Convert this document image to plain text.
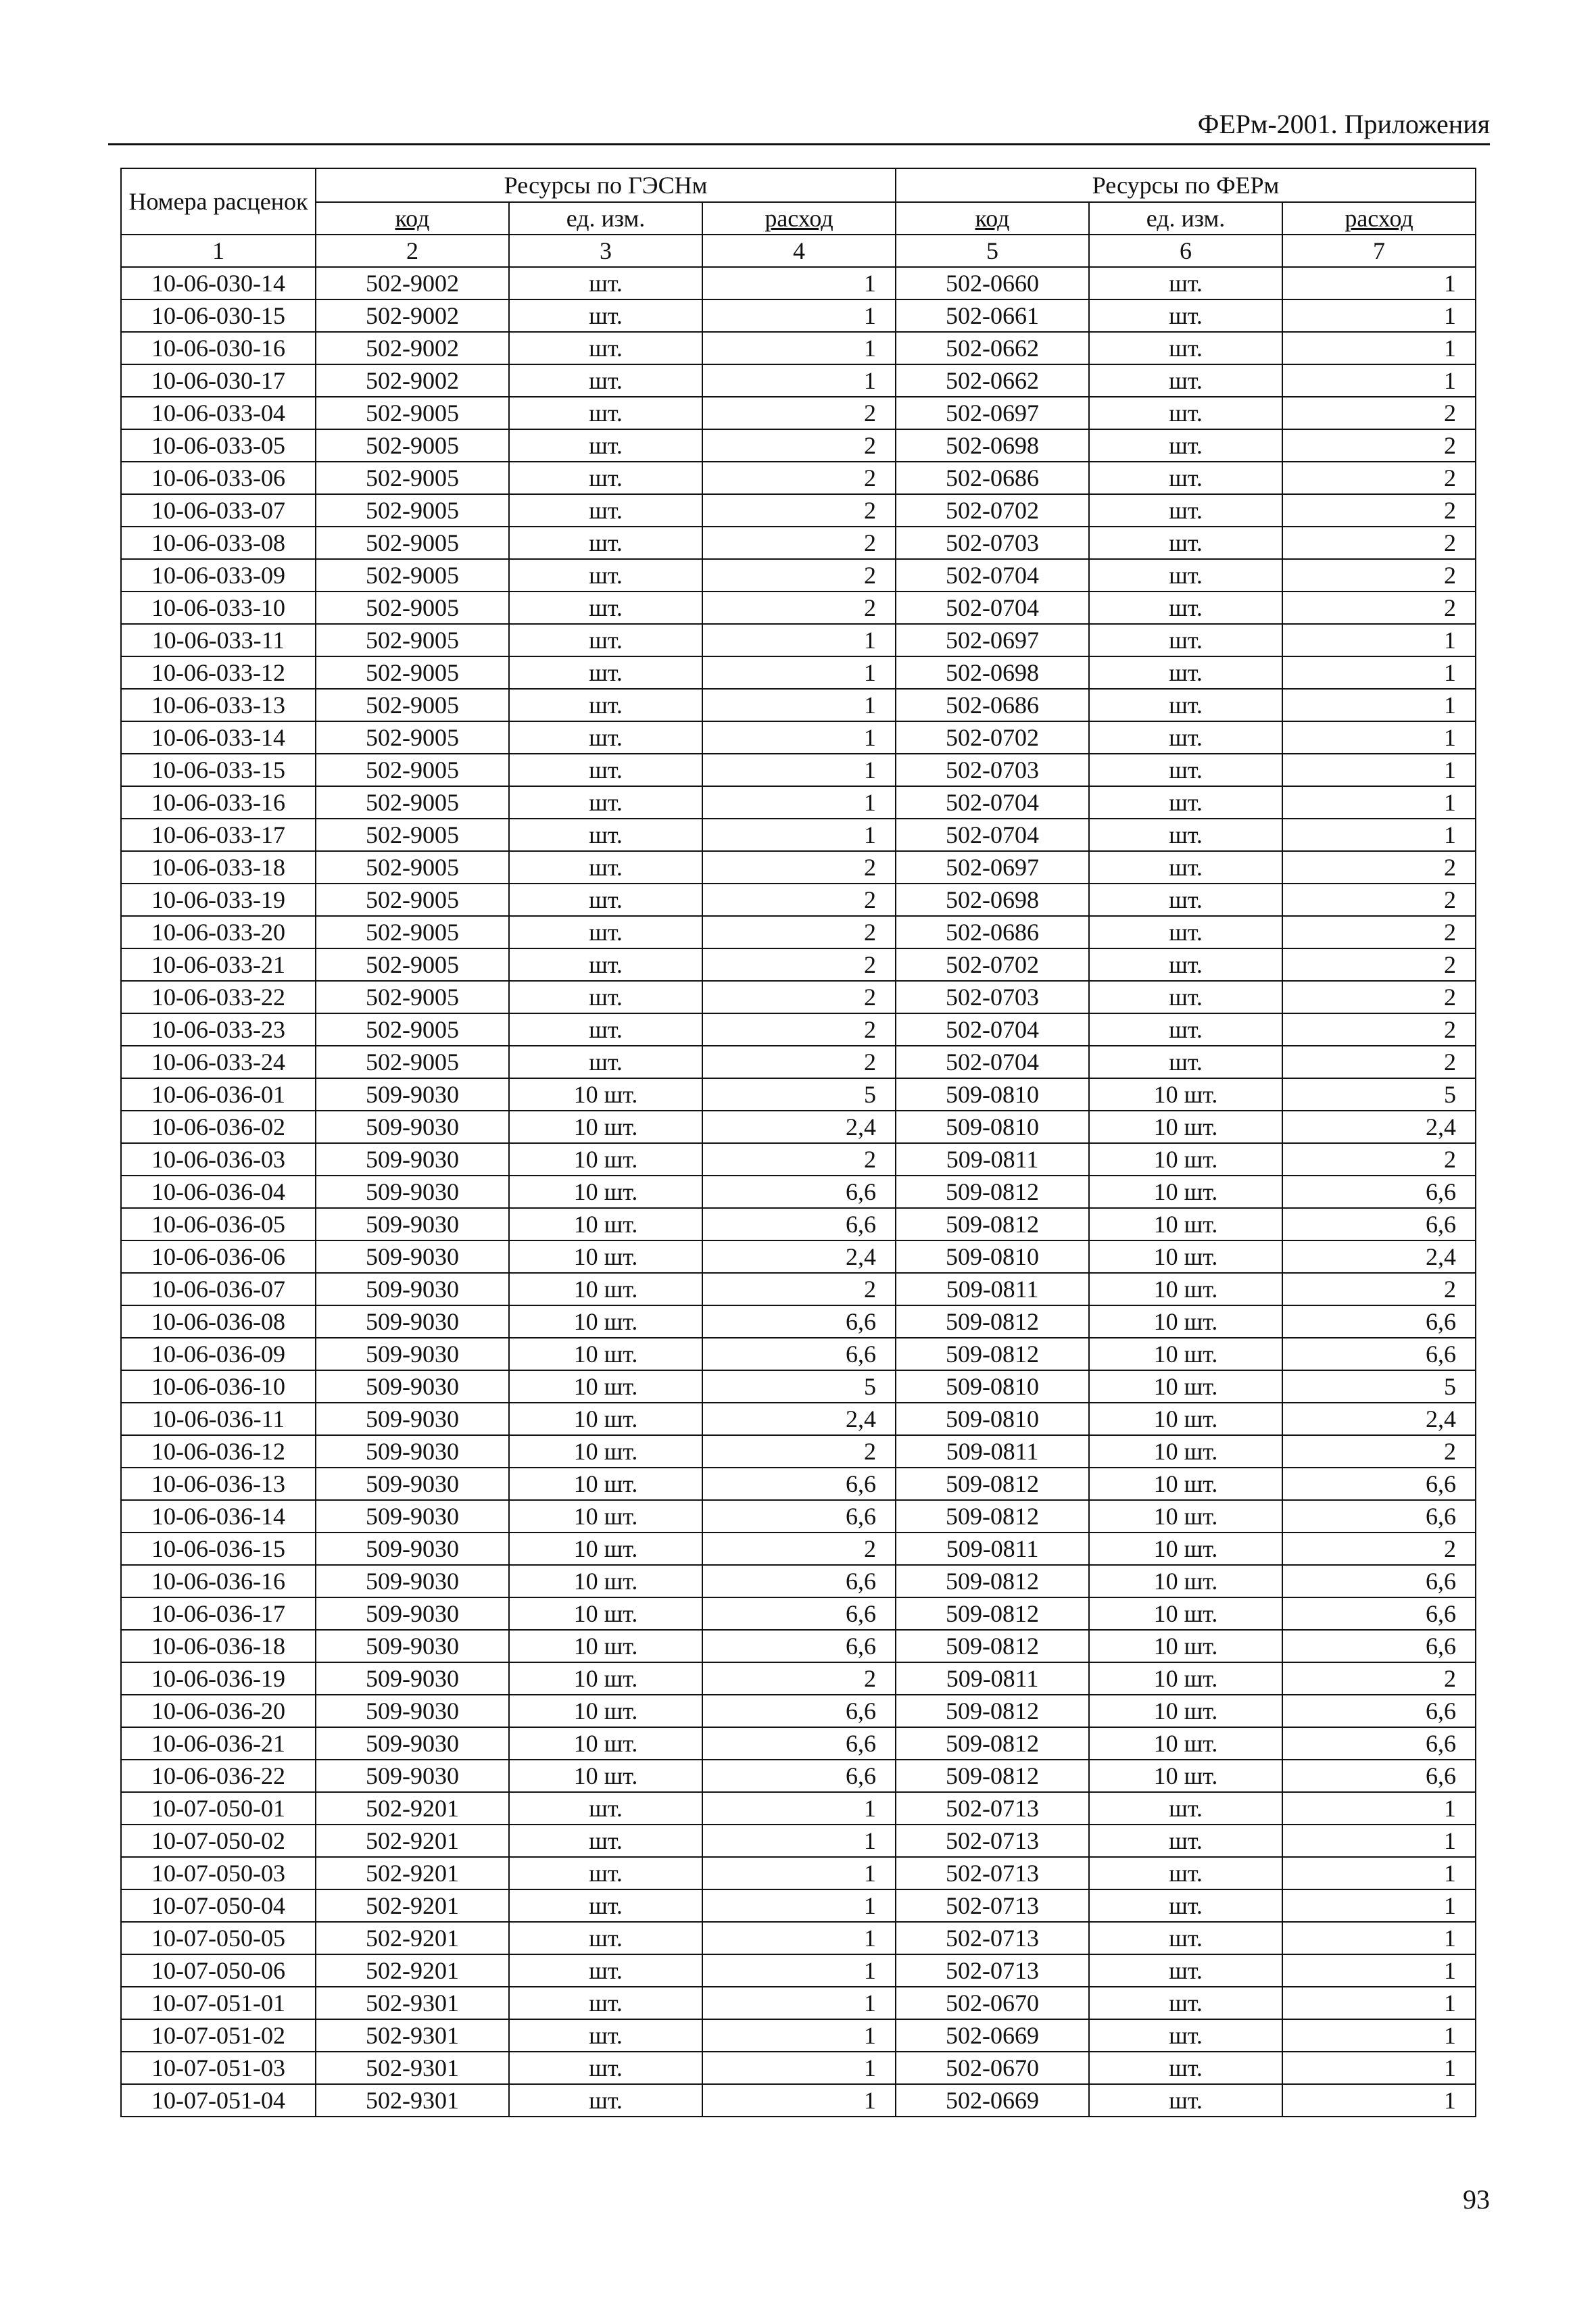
ФЕРм-2001. Приложения
Номера расценок	Ресурсы по ГЭСНм			Ресурсы по ФЕРм		
	код	ед. изм.	расход	код	ед. изм.	расход
1	2	3	4	5	6	7
10-06-030-14	502-9002	шт.	1	502-0660	шт.	1
10-06-030-15	502-9002	шт.	1	502-0661	шт.	1
10-06-030-16	502-9002	шт.	1	502-0662	шт.	1
10-06-030-17	502-9002	шт.	1	502-0662	шт.	1
10-06-033-04	502-9005	шт.	2	502-0697	шт.	2
10-06-033-05	502-9005	шт.	2	502-0698	шт.	2
10-06-033-06	502-9005	шт.	2	502-0686	шт.	2
10-06-033-07	502-9005	шт.	2	502-0702	шт.	2
10-06-033-08	502-9005	шт.	2	502-0703	шт.	2
10-06-033-09	502-9005	шт.	2	502-0704	шт.	2
10-06-033-10	502-9005	шт.	2	502-0704	шт.	2
10-06-033-11	502-9005	шт.	1	502-0697	шт.	1
10-06-033-12	502-9005	шт.	1	502-0698	шт.	1
10-06-033-13	502-9005	шт.	1	502-0686	шт.	1
10-06-033-14	502-9005	шт.	1	502-0702	шт.	1
10-06-033-15	502-9005	шт.	1	502-0703	шт.	1
10-06-033-16	502-9005	шт.	1	502-0704	шт.	1
10-06-033-17	502-9005	шт.	1	502-0704	шт.	1
10-06-033-18	502-9005	шт.	2	502-0697	шт.	2
10-06-033-19	502-9005	шт.	2	502-0698	шт.	2
10-06-033-20	502-9005	шт.	2	502-0686	шт.	2
10-06-033-21	502-9005	шт.	2	502-0702	шт.	2
10-06-033-22	502-9005	шт.	2	502-0703	шт.	2
10-06-033-23	502-9005	шт.	2	502-0704	шт.	2
10-06-033-24	502-9005	шт.	2	502-0704	шт.	2
10-06-036-01	509-9030	10 шт.	5	509-0810	10 шт.	5
10-06-036-02	509-9030	10 шт.	2,4	509-0810	10 шт.	2,4
10-06-036-03	509-9030	10 шт.	2	509-0811	10 шт.	2
10-06-036-04	509-9030	10 шт.	6,6	509-0812	10 шт.	6,6
10-06-036-05	509-9030	10 шт.	6,6	509-0812	10 шт.	6,6
10-06-036-06	509-9030	10 шт.	2,4	509-0810	10 шт.	2,4
10-06-036-07	509-9030	10 шт.	2	509-0811	10 шт.	2
10-06-036-08	509-9030	10 шт.	6,6	509-0812	10 шт.	6,6
10-06-036-09	509-9030	10 шт.	6,6	509-0812	10 шт.	6,6
10-06-036-10	509-9030	10 шт.	5	509-0810	10 шт.	5
10-06-036-11	509-9030	10 шт.	2,4	509-0810	10 шт.	2,4
10-06-036-12	509-9030	10 шт.	2	509-0811	10 шт.	2
10-06-036-13	509-9030	10 шт.	6,6	509-0812	10 шт.	6,6
10-06-036-14	509-9030	10 шт.	6,6	509-0812	10 шт.	6,6
10-06-036-15	509-9030	10 шт.	2	509-0811	10 шт.	2
10-06-036-16	509-9030	10 шт.	6,6	509-0812	10 шт.	6,6
10-06-036-17	509-9030	10 шт.	6,6	509-0812	10 шт.	6,6
10-06-036-18	509-9030	10 шт.	6,6	509-0812	10 шт.	6,6
10-06-036-19	509-9030	10 шт.	2	509-0811	10 шт.	2
10-06-036-20	509-9030	10 шт.	6,6	509-0812	10 шт.	6,6
10-06-036-21	509-9030	10 шт.	6,6	509-0812	10 шт.	6,6
10-06-036-22	509-9030	10 шт.	6,6	509-0812	10 шт.	6,6
10-07-050-01	502-9201	шт.	1	502-0713	шт.	1
10-07-050-02	502-9201	шт.	1	502-0713	шт.	1
10-07-050-03	502-9201	шт.	1	502-0713	шт.	1
10-07-050-04	502-9201	шт.	1	502-0713	шт.	1
10-07-050-05	502-9201	шт.	1	502-0713	шт.	1
10-07-050-06	502-9201	шт.	1	502-0713	шт.	1
10-07-051-01	502-9301	шт.	1	502-0670	шт.	1
10-07-051-02	502-9301	шт.	1	502-0669	шт.	1
10-07-051-03	502-9301	шт.	1	502-0670	шт.	1
10-07-051-04	502-9301	шт.	1	502-0669	шт.	1
93
